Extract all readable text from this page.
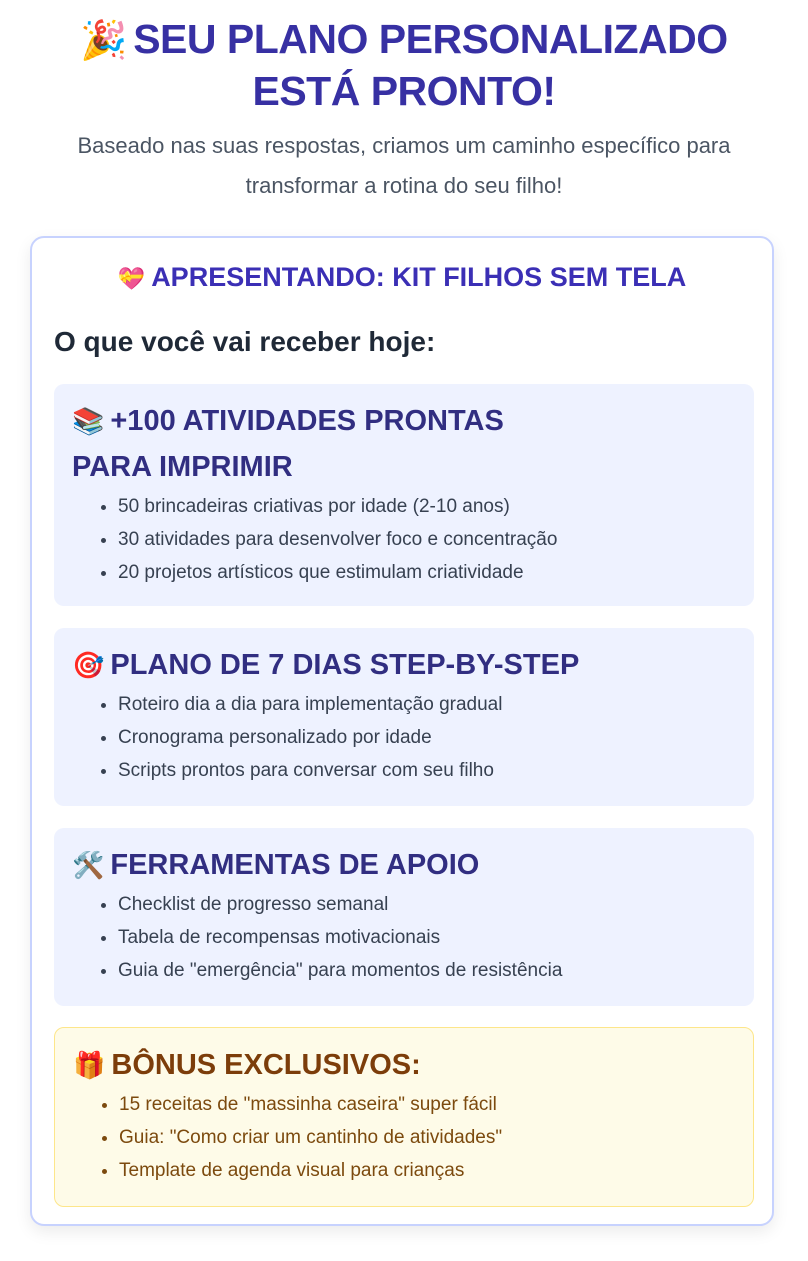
🎉 SEU PLANO PERSONALIZADO
ESTÁ PRONTO!

Baseado nas suas respostas, criamos um caminho específico para transformar a rotina do seu filho!

💝 APRESENTANDO: KIT FILHOS SEM TELA
O que você vai receber hoje:
📚 +100 ATIVIDADES PRONTAS
PARA IMPRIMIR
• 50 brincadeiras criativas por idade (2-10 anos)
• 30 atividades para desenvolver foco e concentração
• 20 projetos artísticos que estimulam criatividade
🎯 PLANO DE 7 DIAS STEP-BY-STEP
• Roteiro dia a dia para implementação gradual
• Cronograma personalizado por idade
• Scripts prontos para conversar com seu filho
🛠️ FERRAMENTAS DE APOIO
• Checklist de progresso semanal
• Tabela de recompensas motivacionais
• Guia de "emergência" para momentos de resistência
🎁 BÔNUS EXCLUSIVOS:
• 15 receitas de "massinha caseira" super fácil
• Guia: "Como criar um cantinho de atividades"
• Template de agenda visual para crianças
